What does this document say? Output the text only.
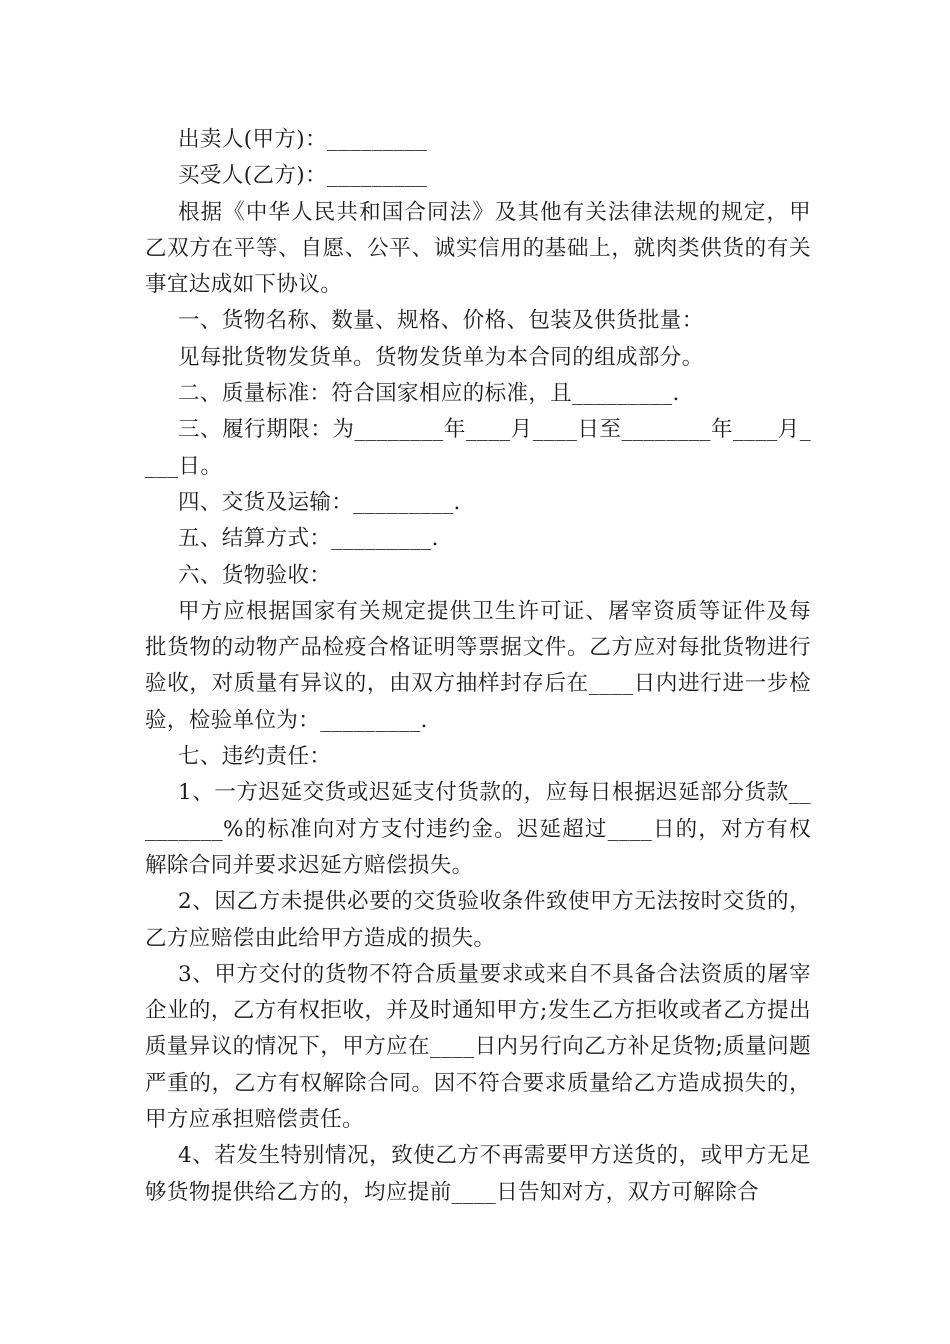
出卖人(甲方)：_________

买受人(乙方)：_________

根据《中华人民共和国合同法》及其他有关法律法规的规定，甲乙双方在平等、自愿、公平、诚实信用的基础上，就肉类供货的有关事宜达成如下协议。

一、货物名称、数量、规格、价格、包装及供货批量：

见每批货物发货单。货物发货单为本合同的组成部分。

二、质量标准：符合国家相应的标准，且_________.

三、履行期限：为________年____月____日至________年____月____日。

四、交货及运输：_________.

五、结算方式：_________.

六、货物验收：

甲方应根据国家有关规定提供卫生许可证、屠宰资质等证件及每批货物的动物产品检疫合格证明等票据文件。乙方应对每批货物进行验收，对质量有异议的，由双方抽样封存后在____日内进行进一步检验，检验单位为：_________.

七、违约责任：

1、一方迟延交货或迟延支付货款的，应每日根据迟延部分货款_________%的标准向对方支付违约金。迟延超过____日的，对方有权解除合同并要求迟延方赔偿损失。

2、因乙方未提供必要的交货验收条件致使甲方无法按时交货的，乙方应赔偿由此给甲方造成的损失。

3、甲方交付的货物不符合质量要求或来自不具备合法资质的屠宰企业的，乙方有权拒收，并及时通知甲方;发生乙方拒收或者乙方提出质量异议的情况下，甲方应在____日内另行向乙方补足货物;质量问题严重的，乙方有权解除合同。因不符合要求质量给乙方造成损失的，甲方应承担赔偿责任。

4、若发生特别情况，致使乙方不再需要甲方送货的，或甲方无足够货物提供给乙方的，均应提前____日告知对方，双方可解除合
